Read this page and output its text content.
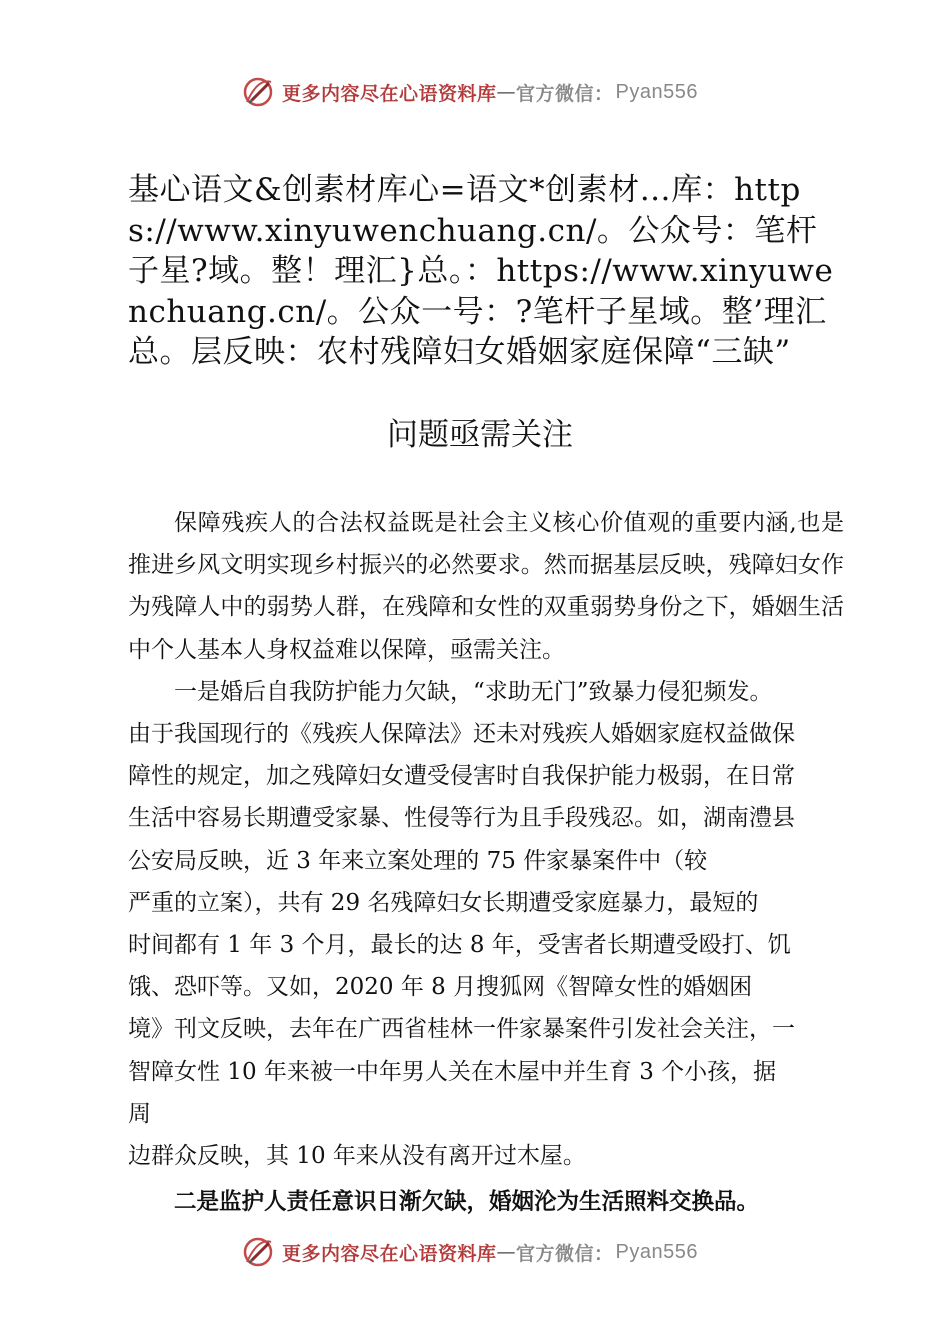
更多内容尽在心语资料库 — 官方微信： Pyan556
基心语文&创素材库心=语文*创素材…库：https://www.xinyuwenchuang.cn/。公众号：笔杆子星?域。整！理汇}总。：https://www.xinyuwenchuang.cn/。公众一号：?笔杆子星域。整’理汇总。层反映：农村残障妇女婚姻家庭保障“三缺”
问题亟需关注

保障残疾人的合法权益既是社会主义核心价值观的重要内涵,也是推进乡风文明实现乡村振兴的必然要求。然而据基层反映，残障妇女作为残障人中的弱势人群，在残障和女性的双重弱势身份之下，婚姻生活中个人基本人身权益难以保障，亟需关注。

一是婚后自我防护能力欠缺，“求助无门”致暴力侵犯频发。

由于我国现行的《残疾人保障法》还未对残疾人婚姻家庭权益做保

障性的规定，加之残障妇女遭受侵害时自我保护能力极弱，在日常

生活中容易长期遭受家暴、性侵等行为且手段残忍。如，湖南澧县

公安局反映，近 3 年来立案处理的 75 件家暴案件中（较

严重的立案），共有 29 名残障妇女长期遭受家庭暴力，最短的

时间都有 1 年 3 个月，最长的达 8 年，受害者长期遭受殴打、饥

饿、恐吓等。又如，2020 年 8 月搜狐网《智障女性的婚姻困

境》刊文反映，去年在广西省桂林一件家暴案件引发社会关注，一

智障女性 10 年来被一中年男人关在木屋中并生育 3 个小孩，据

周

边群众反映，其 10 年来从没有离开过木屋。

二是监护人责任意识日渐欠缺，婚姻沦为生活照料交换品。

更多内容尽在心语资料库 — 官方微信： Pyan556
